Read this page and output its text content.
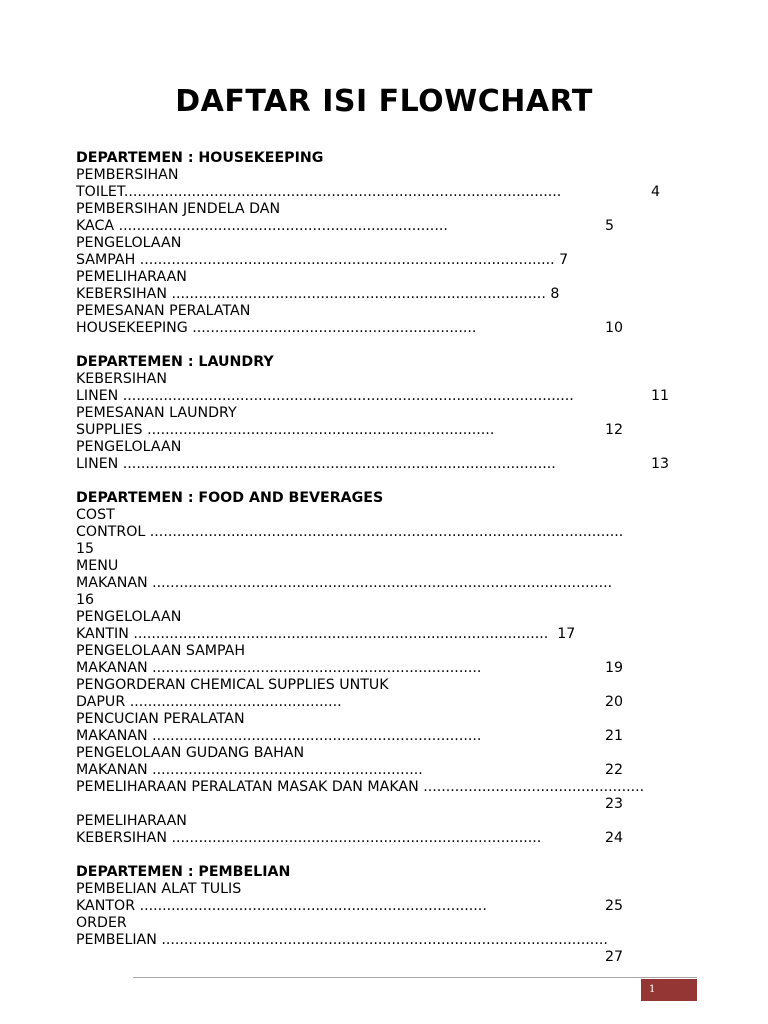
DAFTAR ISI FLOWCHART
DEPARTEMEN : HOUSEKEEPING
PEMBERSIHAN
TOILET.................................................................................................	4
PEMBERSIHAN JENDELA DAN
KACA .........................................................................	5
PENGELOLAAN
SAMPAH ............................................................................................ 7
PEMELIHARAAN
KEBERSIHAN ................................................................................... 8
PEMESANAN PERALATAN
HOUSEKEEPING ...............................................................	10
DEPARTEMEN : LAUNDRY
KEBERSIHAN
LINEN ....................................................................................................	11
PEMESANAN LAUNDRY
SUPPLIES .............................................................................	12
PENGELOLAAN
LINEN ................................................................................................	13
DEPARTEMEN : FOOD AND BEVERAGES
COST
CONTROL .........................................................................................................
15
MENU
MAKANAN ......................................................................................................
16
PENGELOLAAN
KANTIN ............................................................................................  17
PENGELOLAAN SAMPAH
MAKANAN .........................................................................	19
PENGORDERAN CHEMICAL SUPPLIES UNTUK
DAPUR ...............................................	20
PENCUCIAN PERALATAN
MAKANAN .........................................................................	21
PENGELOLAAN GUDANG BAHAN
MAKANAN ............................................................	22
PEMELIHARAAN PERALATAN MASAK DAN MAKAN .................................................
23
PEMELIHARAAN
KEBERSIHAN ..................................................................................	24
DEPARTEMEN : PEMBELIAN
PEMBELIAN ALAT TULIS
KANTOR .............................................................................	25
ORDER
PEMBELIAN ...................................................................................................
27
1
